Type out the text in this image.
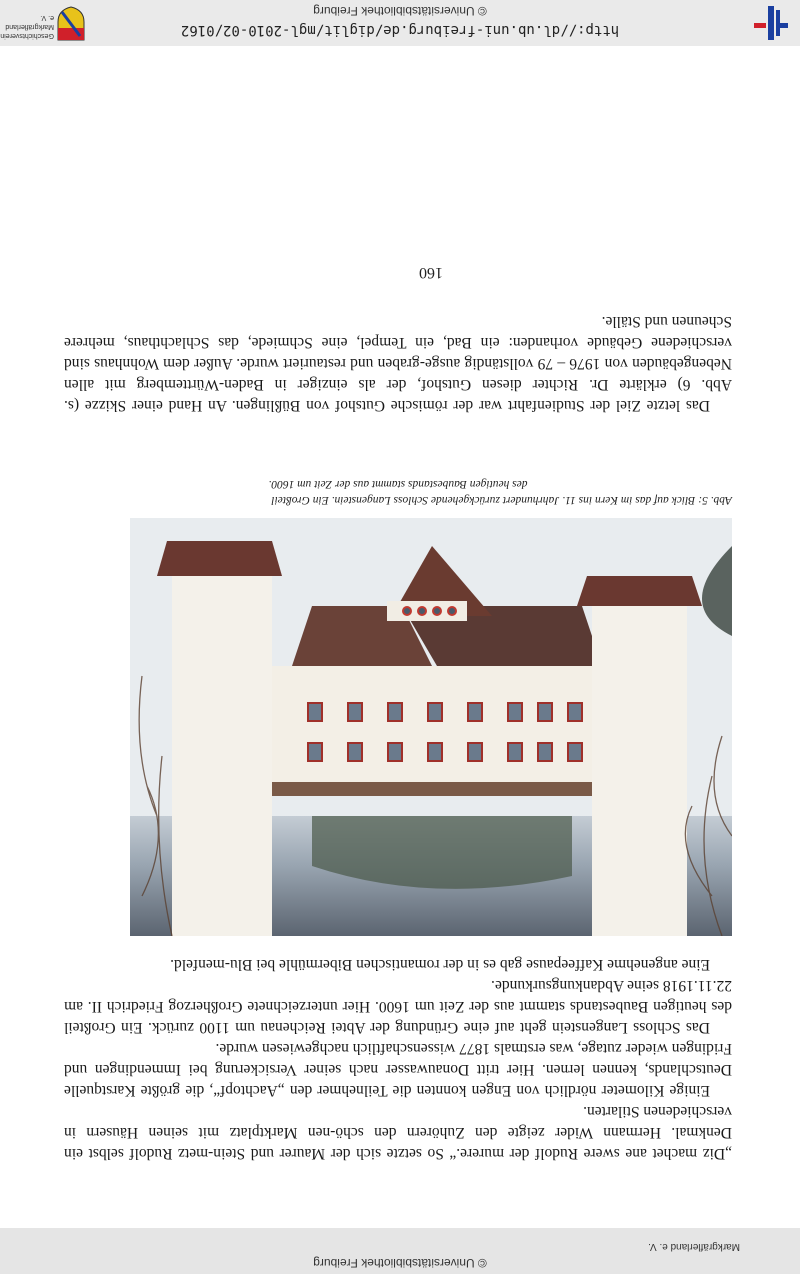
© Universitätsbibliothek Freiburg
Markgräflerland e. V.

„Diz machet ane swere Rudolf der murere.“ So setzte sich der Maurer und Stein-metz Rudolf selbst ein Denkmal. Hermann Wider zeigte den Zuhörern den schö-nen Marktplatz mit seinen Häusern in verschiedenen Stilarten.

Einige Kilometer nördlich von Engen konnten die Teilnehmer den „Aachtopf“, die größte Karstquelle Deutschlands, kennen lernen. Hier tritt Donauwasser nach seiner Versickerung bei Immendingen und Fridingen wieder zutage, was erstmals 1877 wissenschaftlich nachgewiesen wurde.

Das Schloss Langenstein geht auf eine Gründung der Abtei Reichenau um 1100 zurück. Ein Großteil des heutigen Baubestands stammt aus der Zeit um 1600. Hier unterzeichnete Großherzog Friedrich II. am 22.11.1918 seine Abdankungsurkunde.

Eine angenehme Kaffeepause gab es in der romantischen Bibermühle bei Blu-menfeld.

Abb. 5: Blick auf das im Kern ins 11. Jahrhundert zurückgehende Schloss Langenstein. Ein Großteil
des heutigen Baubestands stammt aus der Zeit um 1600.

Das letzte Ziel der Studienfahrt war der römische Gutshof von Büßlingen. An Hand einer Skizze (s. Abb. 6) erklärte Dr. Richter diesen Gutshof, der als einziger in Baden-Württemberg mit allen Nebengebäuden von 1976 – 79 vollständig ausge-graben und restauriert wurde. Außer dem Wohnhaus sind verschiedene Gebäude vorhanden: ein Bad, ein Tempel, eine Schmiede, das Schlachthaus, mehrere Scheunen und Ställe.

160
http://dl.ub.uni-freiburg.de/diglit/mgl-2010-02/0162
© Universitätsbibliothek Freiburg
Geschichtsverein
Markgräflerland e. V.
